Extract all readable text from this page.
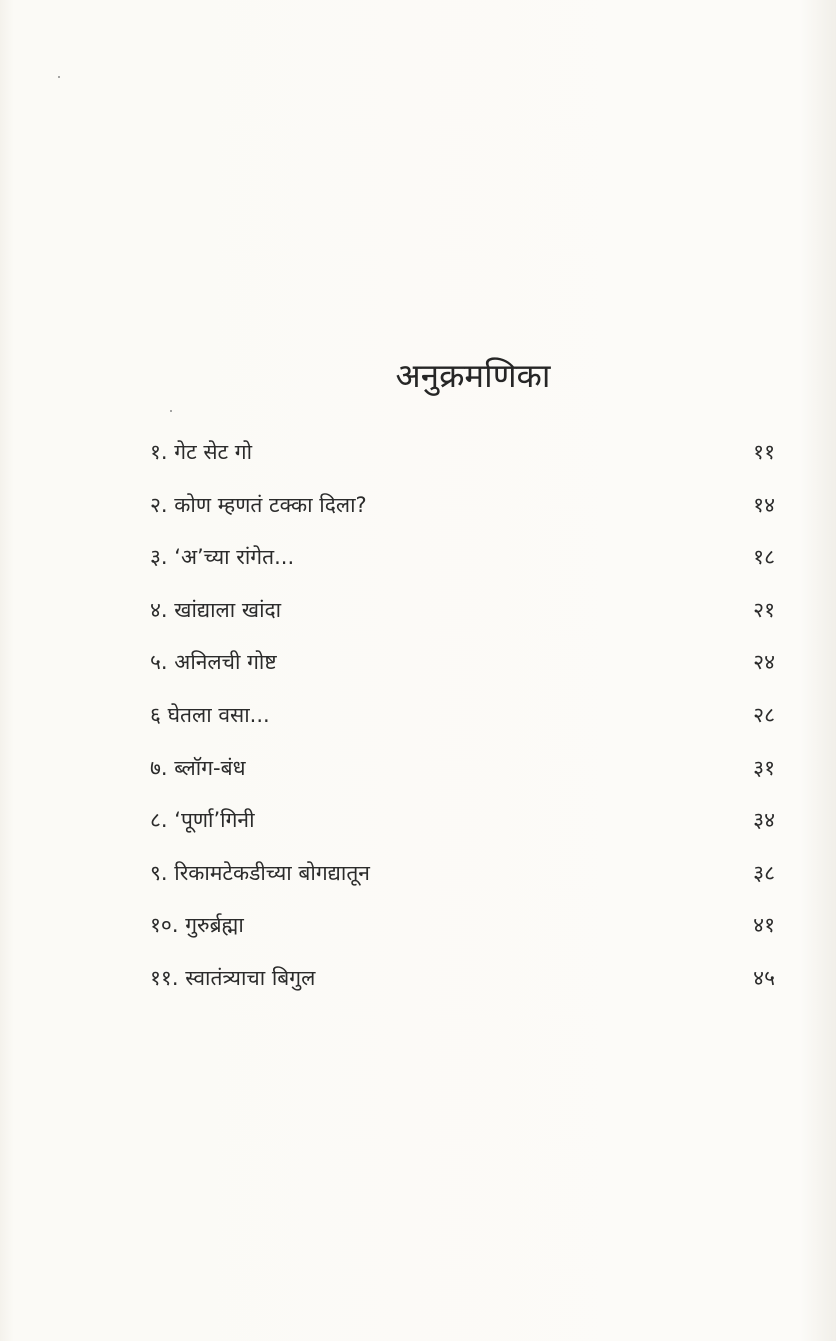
अनुक्रमणिका
१. गेट सेट गो	११
२. कोण म्हणतं टक्का दिला?	१४
३. ‘अ’च्या रांगेत...	१८
४. खांद्याला खांदा	२१
५. अनिलची गोष्ट	२४
६ घेतला वसा...	२८
७. ब्लॉग-बंध	३१
८. ‘पूर्णा’गिनी	३४
९. रिकामटेकडीच्या बोगद्यातून	३८
१०. गुरुर्ब्रह्मा	४१
११. स्वातंत्र्याचा बिगुल	४५
